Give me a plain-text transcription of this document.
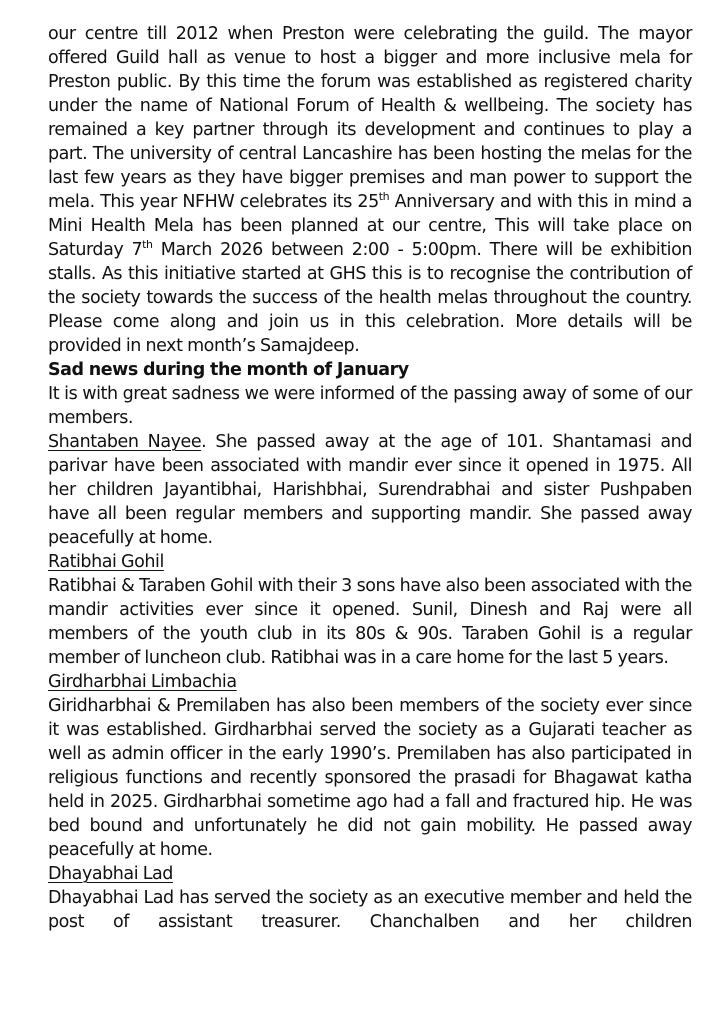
our centre till 2012 when Preston were celebrating the guild. The mayor offered Guild hall as venue to host a bigger and more inclusive mela for Preston public. By this time the forum was established as registered charity under the name of National Forum of Health & wellbeing. The society has remained a key partner through its development and continues to play a part. The university of central Lancashire has been hosting the melas for the last few years as they have bigger premises and man power to support the mela. This year NFHW celebrates its 25th Anniversary and with this in mind a Mini Health Mela has been planned at our centre, This will take place on Saturday 7th March 2026 between 2:00 - 5:00pm. There will be exhibition stalls. As this initiative started at GHS this is to recognise the contribution of the society towards the success of the health melas throughout the country. Please come along and join us in this celebration. More details will be provided in next month’s Samajdeep.

Sad news during the month of January

It is with great sadness we were informed of the passing away of some of our members.

Shantaben Nayee. She passed away at the age of 101. Shantamasi and parivar have been associated with mandir ever since it opened in 1975. All her children Jayantibhai, Harishbhai, Surendrabhai and sister Pushpaben have all been regular members and supporting mandir. She passed away peacefully at home.

Ratibhai Gohil

Ratibhai & Taraben Gohil with their 3 sons have also been associated with the mandir activities ever since it opened. Sunil, Dinesh and Raj were all members of the youth club in its 80s & 90s. Taraben Gohil is a regular member of luncheon club. Ratibhai was in a care home for the last 5 years.

Girdharbhai Limbachia

Giridharbhai & Premilaben has also been members of the society ever since it was established. Girdharbhai served the society as a Gujarati teacher as well as admin officer in the early 1990’s. Premilaben has also participated in religious functions and recently sponsored the prasadi for Bhagawat katha held in 2025. Girdharbhai sometime ago had a fall and fractured hip. He was bed bound and unfortunately he did not gain mobility. He passed away peacefully at home.

Dhayabhai Lad

Dhayabhai Lad has served the society as an executive member and held the post of assistant treasurer. Chanchalben and her children
